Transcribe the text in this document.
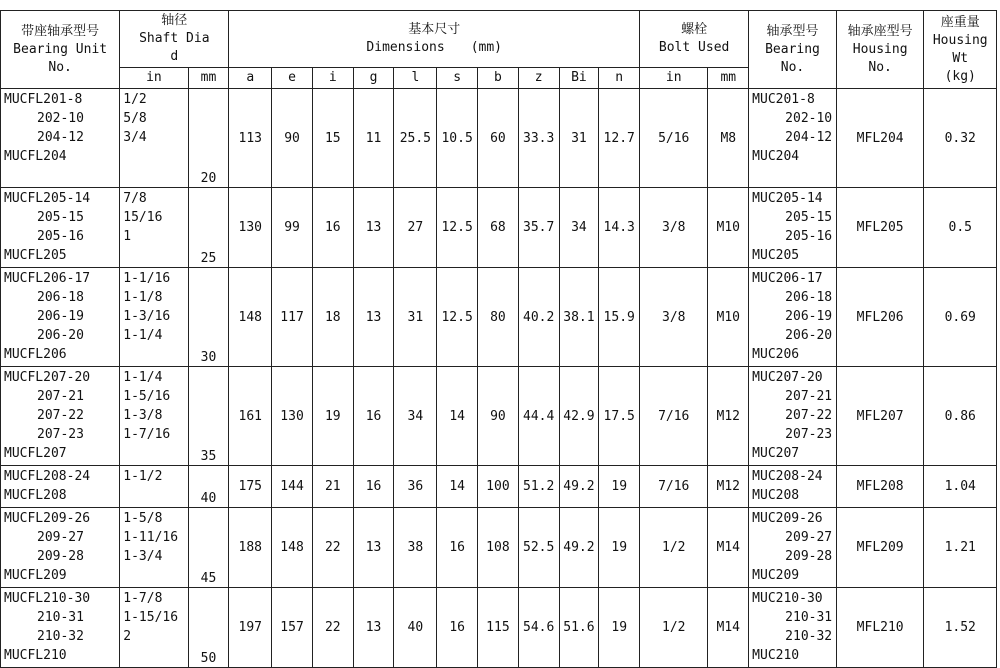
带座轴承型号
Bearing Unit
No.	轴径
Shaft Dia
d		基本尺寸
Dimensions　　(mm)										螺栓
Bolt Used		轴承型号
Bearing
No.	轴承座型号
Housing
No.	座重量
Housing
Wt
(kg)

	in	mm	a	e	i	g	l	s	b	z	Bi	n	in	mm			

MUCFL201-8
202-10
204-12
MUCFL204	1/2
5/8
3/4	20	113	90	15	11	25.5	10.5	60	33.3	31	12.7	5/16	M8	MUC201-8
202-10
204-12
MUC204	MFL204	0.32

MUCFL205-14
205-15
205-16
MUCFL205	7/8
15/16
1	25	130	99	16	13	27	12.5	68	35.7	34	14.3	3/8	M10	MUC205-14
205-15
205-16
MUC205	MFL205	0.5

MUCFL206-17
206-18
206-19
206-20
MUCFL206	1-1/16
1-1/8
1-3/16
1-1/4	30	148	117	18	13	31	12.5	80	40.2	38.1	15.9	3/8	M10	MUC206-17
206-18
206-19
206-20
MUC206	MFL206	0.69

MUCFL207-20
207-21
207-22
207-23
MUCFL207	1-1/4
1-5/16
1-3/8
1-7/16	35	161	130	19	16	34	14	90	44.4	42.9	17.5	7/16	M12	MUC207-20
207-21
207-22
207-23
MUC207	MFL207	0.86

MUCFL208-24
MUCFL208	1-1/2	40	175	144	21	16	36	14	100	51.2	49.2	19	7/16	M12	MUC208-24
MUC208	MFL208	1.04

MUCFL209-26
209-27
209-28
MUCFL209	1-5/8
1-11/16
1-3/4	45	188	148	22	13	38	16	108	52.5	49.2	19	1/2	M14	MUC209-26
209-27
209-28
MUC209	MFL209	1.21

MUCFL210-30
210-31
210-32
MUCFL210	1-7/8
1-15/16
2	50	197	157	22	13	40	16	115	54.6	51.6	19	1/2	M14	MUC210-30
210-31
210-32
MUC210	MFL210	1.52
